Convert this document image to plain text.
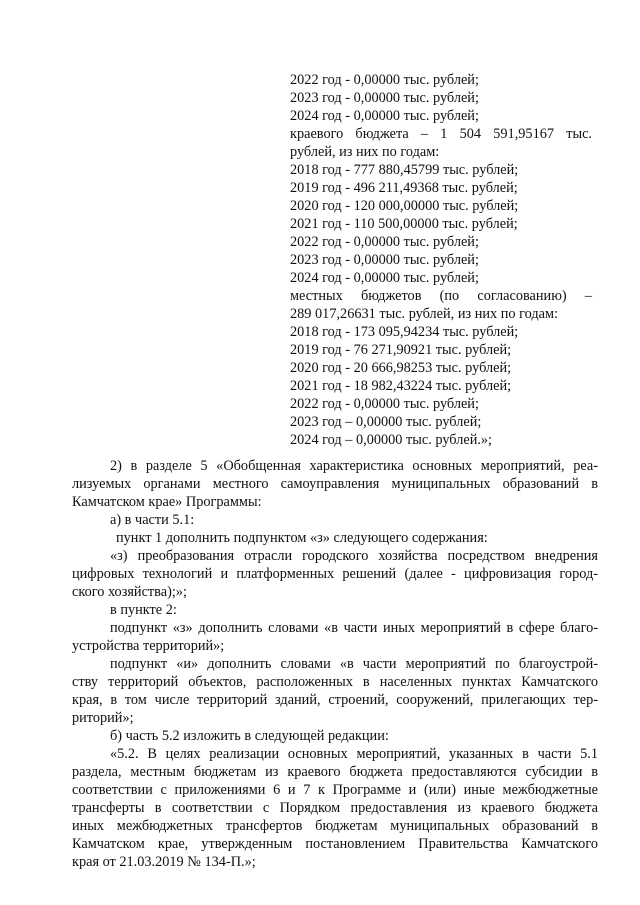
2022 год - 0,00000 тыс. рублей;
2023 год - 0,00000 тыс. рублей;
2024 год - 0,00000 тыс. рублей;
краевого бюджета – 1 504 591,95167 тыс.
рублей, из них по годам:
2018 год - 777 880,45799 тыс. рублей;
2019 год - 496 211,49368 тыс. рублей;
2020 год - 120 000,00000 тыс. рублей;
2021 год - 110 500,00000 тыс. рублей;
2022 год - 0,00000 тыс. рублей;
2023 год - 0,00000 тыс. рублей;
2024 год - 0,00000 тыс. рублей;
местных бюджетов (по согласованию) –
289 017,26631 тыс. рублей, из них по годам:
2018 год - 173 095,94234 тыс. рублей;
2019 год - 76 271,90921 тыс. рублей;
2020 год - 20 666,98253 тыс. рублей;
2021 год - 18 982,43224 тыс. рублей;
2022 год - 0,00000 тыс. рублей;
2023 год – 0,00000 тыс. рублей;
2024 год – 0,00000 тыс. рублей.»;
2) в разделе 5 «Обобщенная характеристика основных мероприятий, реа-
лизуемых органами местного самоуправления муниципальных образований в
Камчатском крае» Программы:
а) в части 5.1:
пункт 1 дополнить подпунктом «з» следующего содержания:
«з) преобразования отрасли городского хозяйства посредством внедрения
цифровых технологий и платформенных решений (далее - цифровизация город-
ского хозяйства);»;
в пункте 2:
подпункт «з» дополнить словами «в части иных мероприятий в сфере благо-
устройства территорий»;
подпункт «и» дополнить словами «в части мероприятий по благоустрой-
ству территорий объектов, расположенных в населенных пунктах Камчатского
края, в том числе территорий зданий, строений, сооружений, прилегающих тер-
риторий»;
б) часть 5.2 изложить в следующей редакции:
«5.2. В целях реализации основных мероприятий, указанных в части 5.1
раздела, местным бюджетам из краевого бюджета предоставляются субсидии в
соответствии с приложениями 6 и 7 к Программе и (или) иные межбюджетные
трансферты в соответствии с Порядком предоставления из краевого бюджета
иных межбюджетных трансфертов бюджетам муниципальных образований в
Камчатском крае, утвержденным постановлением Правительства Камчатского
края от 21.03.2019 № 134-П.»;
